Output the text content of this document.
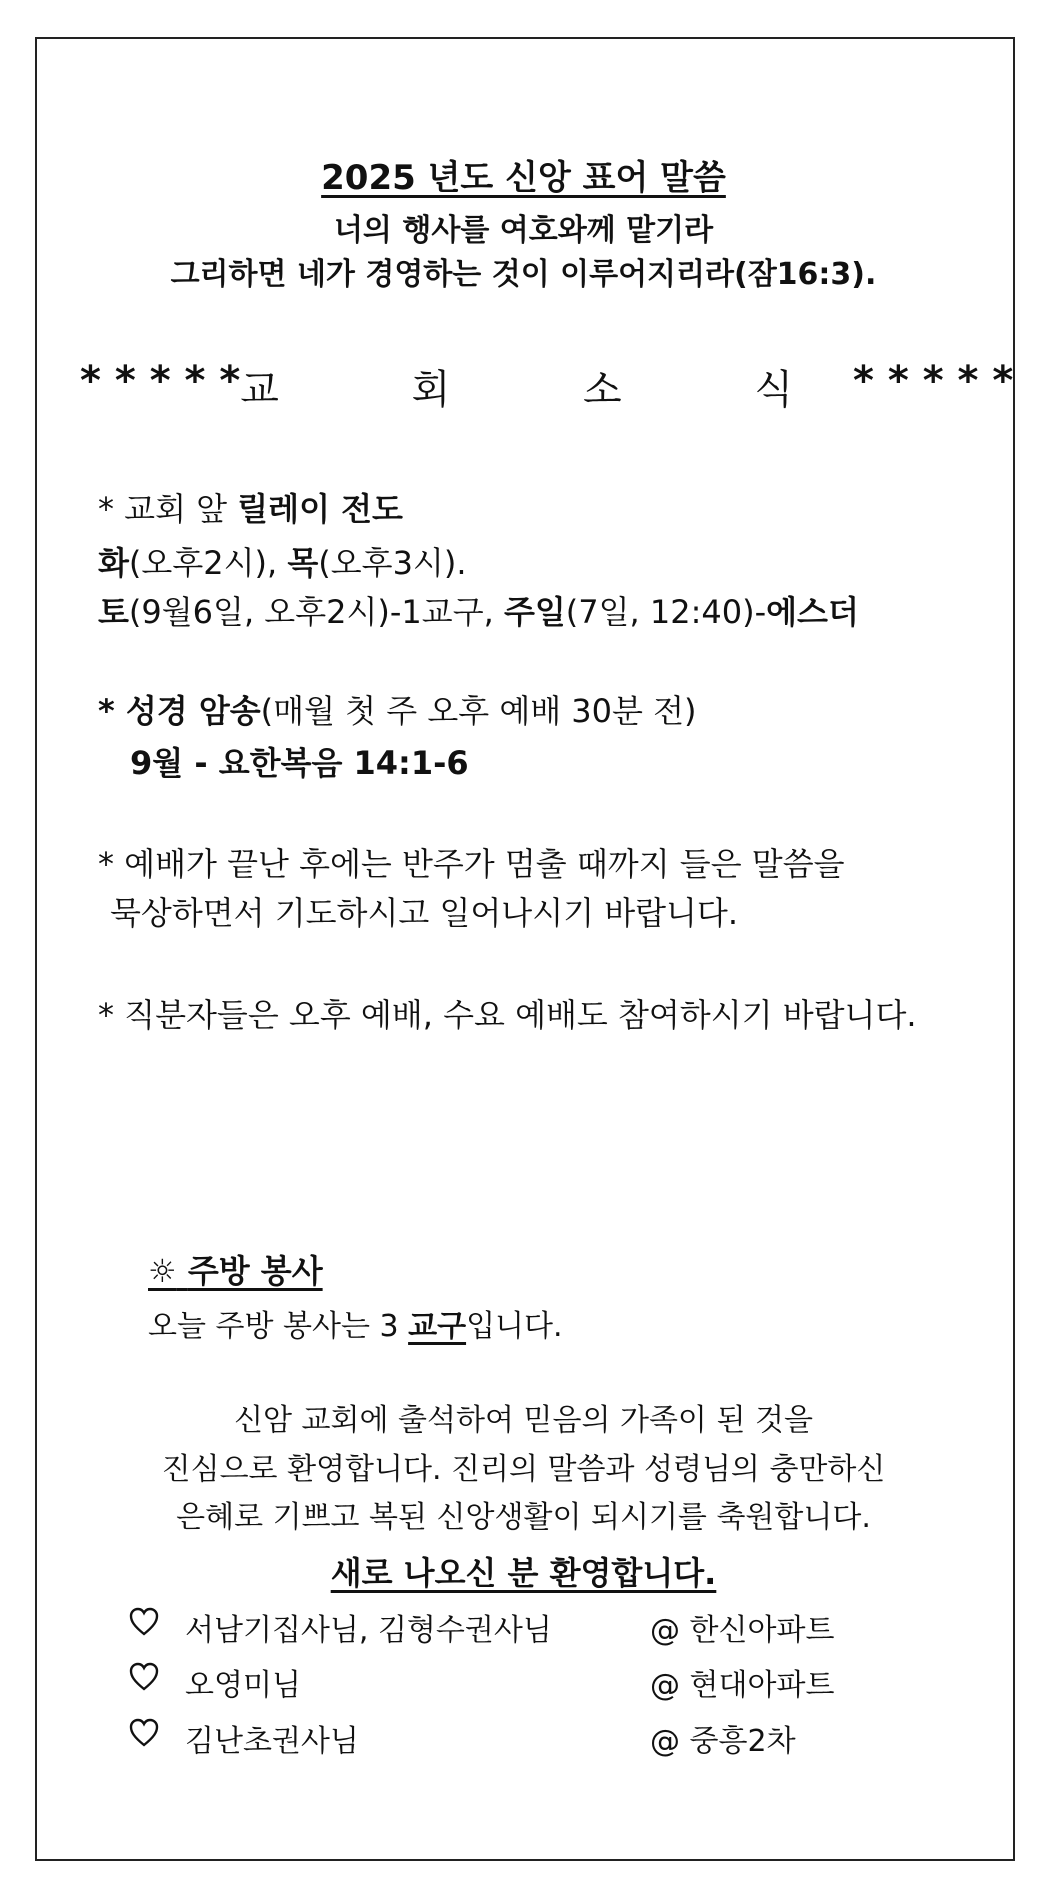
2025 년도 신앙 표어 말씀
너의 행사를 여호와께 맡기라
그리하면 네가 경영하는 것이 이루어지리라(잠16:3).
* * * * * 교 회 소 식 * * * * *
* 교회 앞 릴레이 전도
화(오후2시), 목(오후3시).
토(9월6일, 오후2시)-1교구, 주일(7일, 12:40)-에스더
* 성경 암송(매월 첫 주 오후 예배 30분 전)
9월 - 요한복음 14:1-6
* 예배가 끝난 후에는 반주가 멈출 때까지 들은 말씀을
묵상하면서 기도하시고 일어나시기 바랍니다.
* 직분자들은 오후 예배, 수요 예배도 참여하시기 바랍니다.
☼ 주방 봉사
오늘 주방 봉사는 3 교구입니다.
신암 교회에 출석하여 믿음의 가족이 된 것을
진심으로 환영합니다. 진리의 말씀과 성령님의 충만하신
은혜로 기쁘고 복된 신앙생활이 되시기를 축원합니다.
새로 나오신 분 환영합니다.
서남기집사님, 김형수권사님	@ 한신아파트
오영미님	@ 현대아파트
김난초권사님	@ 중흥2차
